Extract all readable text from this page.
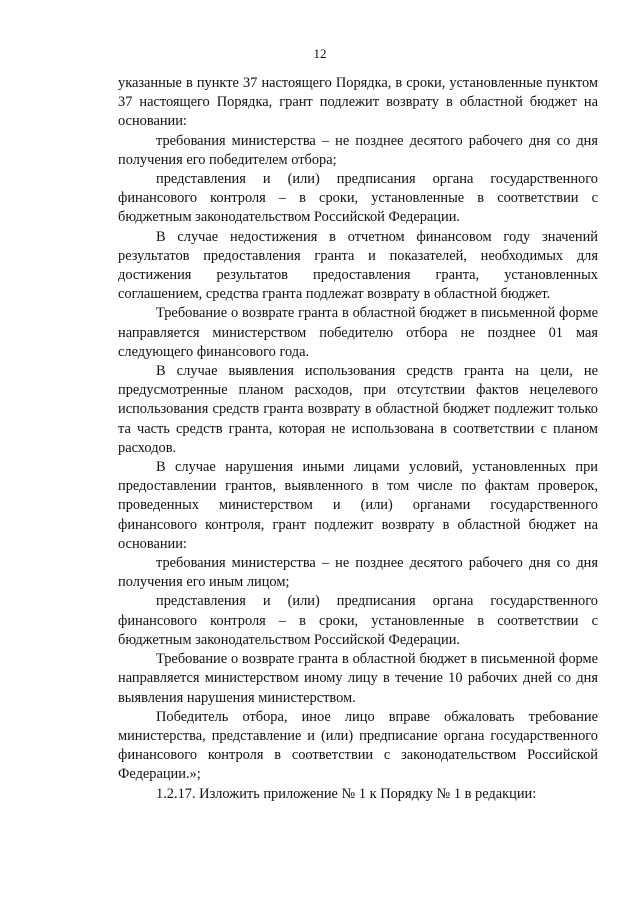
12

указанные в пункте 37 настоящего Порядка, в сроки, установленные пунктом 37 настоящего Порядка, грант подлежит возврату в областной бюджет на основании:

требования министерства – не позднее десятого рабочего дня со дня получения его победителем отбора;

представления и (или) предписания органа государственного финансового контроля – в сроки, установленные в соответствии с бюджетным законодательством Российской Федерации.

В случае недостижения в отчетном финансовом году значений результатов предоставления гранта и показателей, необходимых для достижения результатов предоставления гранта, установленных соглашением, средства гранта подлежат возврату в областной бюджет.

Требование о возврате гранта в областной бюджет в письменной форме направляется министерством победителю отбора не позднее 01 мая следующего финансового года.

В случае выявления использования средств гранта на цели, не предусмотренные планом расходов, при отсутствии фактов нецелевого использования средств гранта возврату в областной бюджет подлежит только та часть средств гранта, которая не использована в соответствии с планом расходов.

В случае нарушения иными лицами условий, установленных при предоставлении грантов, выявленного в том числе по фактам проверок, проведенных министерством и (или) органами государственного финансового контроля, грант подлежит возврату в областной бюджет на основании:

требования министерства – не позднее десятого рабочего дня со дня получения его иным лицом;

представления и (или) предписания органа государственного финансового контроля – в сроки, установленные в соответствии с бюджетным законодательством Российской Федерации.

Требование о возврате гранта в областной бюджет в письменной форме направляется министерством иному лицу в течение 10 рабочих дней со дня выявления нарушения министерством.

Победитель отбора, иное лицо вправе обжаловать требование министерства, представление и (или) предписание органа государственного финансового контроля в соответствии с законодательством Российской Федерации.»;

1.2.17. Изложить приложение № 1 к Порядку № 1 в редакции:
